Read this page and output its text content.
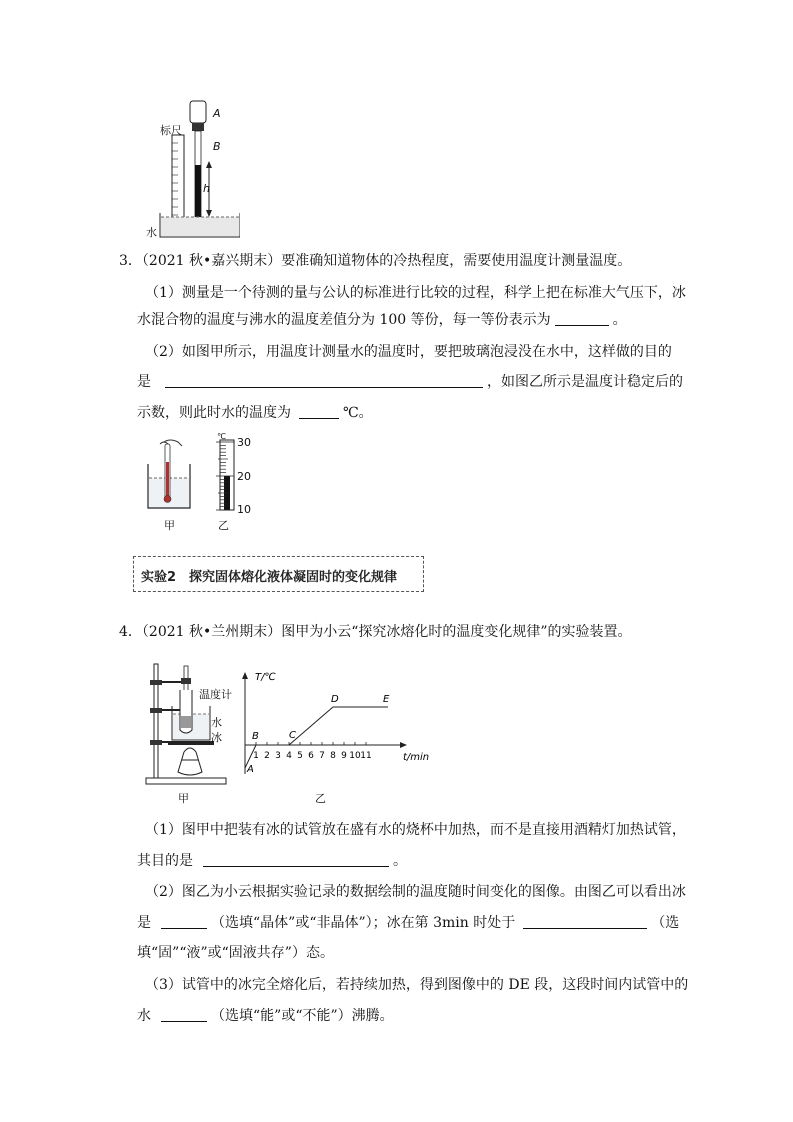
标尺
A
B
h
水
3．（2021 秋•嘉兴期末）要准确知道物体的冷热程度，需要使用温度计测量温度。
（1）测量是一个待测的量与公认的标准进行比较的过程，科学上把在标准大气压下，冰
水混合物的温度与沸水的温度差值分为 100 等份，每一等份表示为	。
（2）如图甲所示，用温度计测量水的温度时，要把玻璃泡浸没在水中，这样做的目的
是	，如图乙所示是温度计稳定后的
示数，则此时水的温度为	℃。
甲
℃ 30
20
10
乙
实验2　探究固体熔化液体凝固时的变化规律
4．（2021 秋•兰州期末）图甲为小云“探究冰熔化时的温度变化规律”的实验装置。
温度计
水
冰
甲
A
B	C
D	E
T/℃
t/min
1 2 3 4 5 6 7 8 9 10 11
乙
（1）图甲中把装有冰的试管放在盛有水的烧杯中加热，而不是直接用酒精灯加热试管，
其目的是	。
（2）图乙为小云根据实验记录的数据绘制的温度随时间变化的图像。由图乙可以看出冰
是	（选填“晶体”或“非晶体”）；冰在第 3min 时处于	（选
填“固”“液”或“固液共存”）态。
（3）试管中的冰完全熔化后，若持续加热，得到图像中的 DE 段，这段时间内试管中的
水	（选填“能”或“不能”）沸腾。
